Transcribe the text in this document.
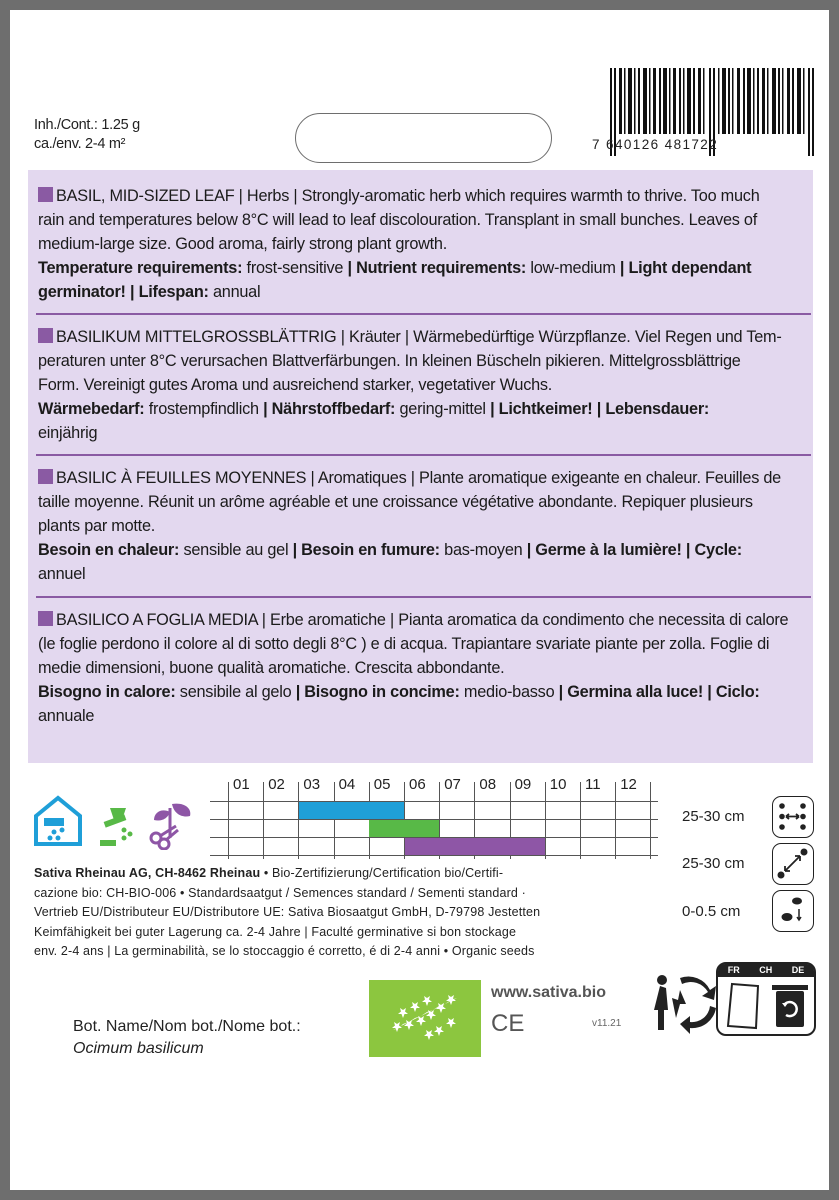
Inh./Cont.: 1.25 g
ca./env. 2-4 m²	7 640126 481722
BASIL, MID-SIZED LEAF | Herbs | Strongly-aromatic herb which requires warmth to thrive. Too much
rain and temperatures below 8°C will lead to leaf discolouration. Transplant in small bunches. Leaves of
medium-large size. Good aroma, fairly strong plant growth.
Temperature requirements: frost-sensitive | Nutrient requirements: low-medium | Light dependant
germinator! | Lifespan: annual
BASILIKUM MITTELGROSSBLÄTTRIG | Kräuter | Wärmebedürftige Würzpflanze. Viel Regen und Tem-
peraturen unter 8°C verursachen Blattverfärbungen. In kleinen Büscheln pikieren. Mittelgrossblättrige
Form. Vereinigt gutes Aroma und ausreichend starker, vegetativer Wuchs.
Wärmebedarf: frostempfindlich | Nährstoffbedarf: gering-mittel | Lichtkeimer! | Lebensdauer:
einjährig
BASILIC À FEUILLES MOYENNES | Aromatiques | Plante aromatique exigeante en chaleur. Feuilles de
taille moyenne. Réunit un arôme agréable et une croissance végétative abondante. Repiquer plusieurs
plants par motte.
Besoin en chaleur: sensible au gel | Besoin en fumure: bas-moyen | Germe à la lumière! | Cycle:
annuel
BASILICO A FOGLIA MEDIA | Erbe aromatiche | Pianta aromatica da condimento che necessita di calore
(le foglie perdono il colore al di sotto degli 8°C ) e di acqua. Trapiantare svariate piante per zolla. Foglie di
medie dimensioni, buone qualità aromatiche. Crescita abbondante.
Bisogno in calore: sensibile al gelo | Bisogno in concime: medio-basso | Germina alla luce! | Ciclo:
annuale
01 02 03 04 05 06 07 08 09 10 11 12
Sativa Rheinau AG, CH-8462 Rheinau • Bio-Zertifizierung/Certification bio/Certifi-
cazione bio: CH-BIO-006 • Standardsaatgut / Semences standard / Sementi standard ·
Vertrieb EU/Distributeur EU/Distributore UE: Sativa Biosaatgut GmbH, D-79798 Jestetten
Keimfähigkeit bei guter Lagerung ca. 2-4 Jahre | Faculté germinative si bon stockage
env. 2-4 ans | La germinabilità, se lo stoccaggio é corretto, é di 2-4 anni • Organic seeds
25-30 cm
25-30 cm
0-0.5 cm
www.sativa.bio
CE	v11.21
FR CH DE
Bot. Name/Nom bot./Nome bot.:
Ocimum basilicum
